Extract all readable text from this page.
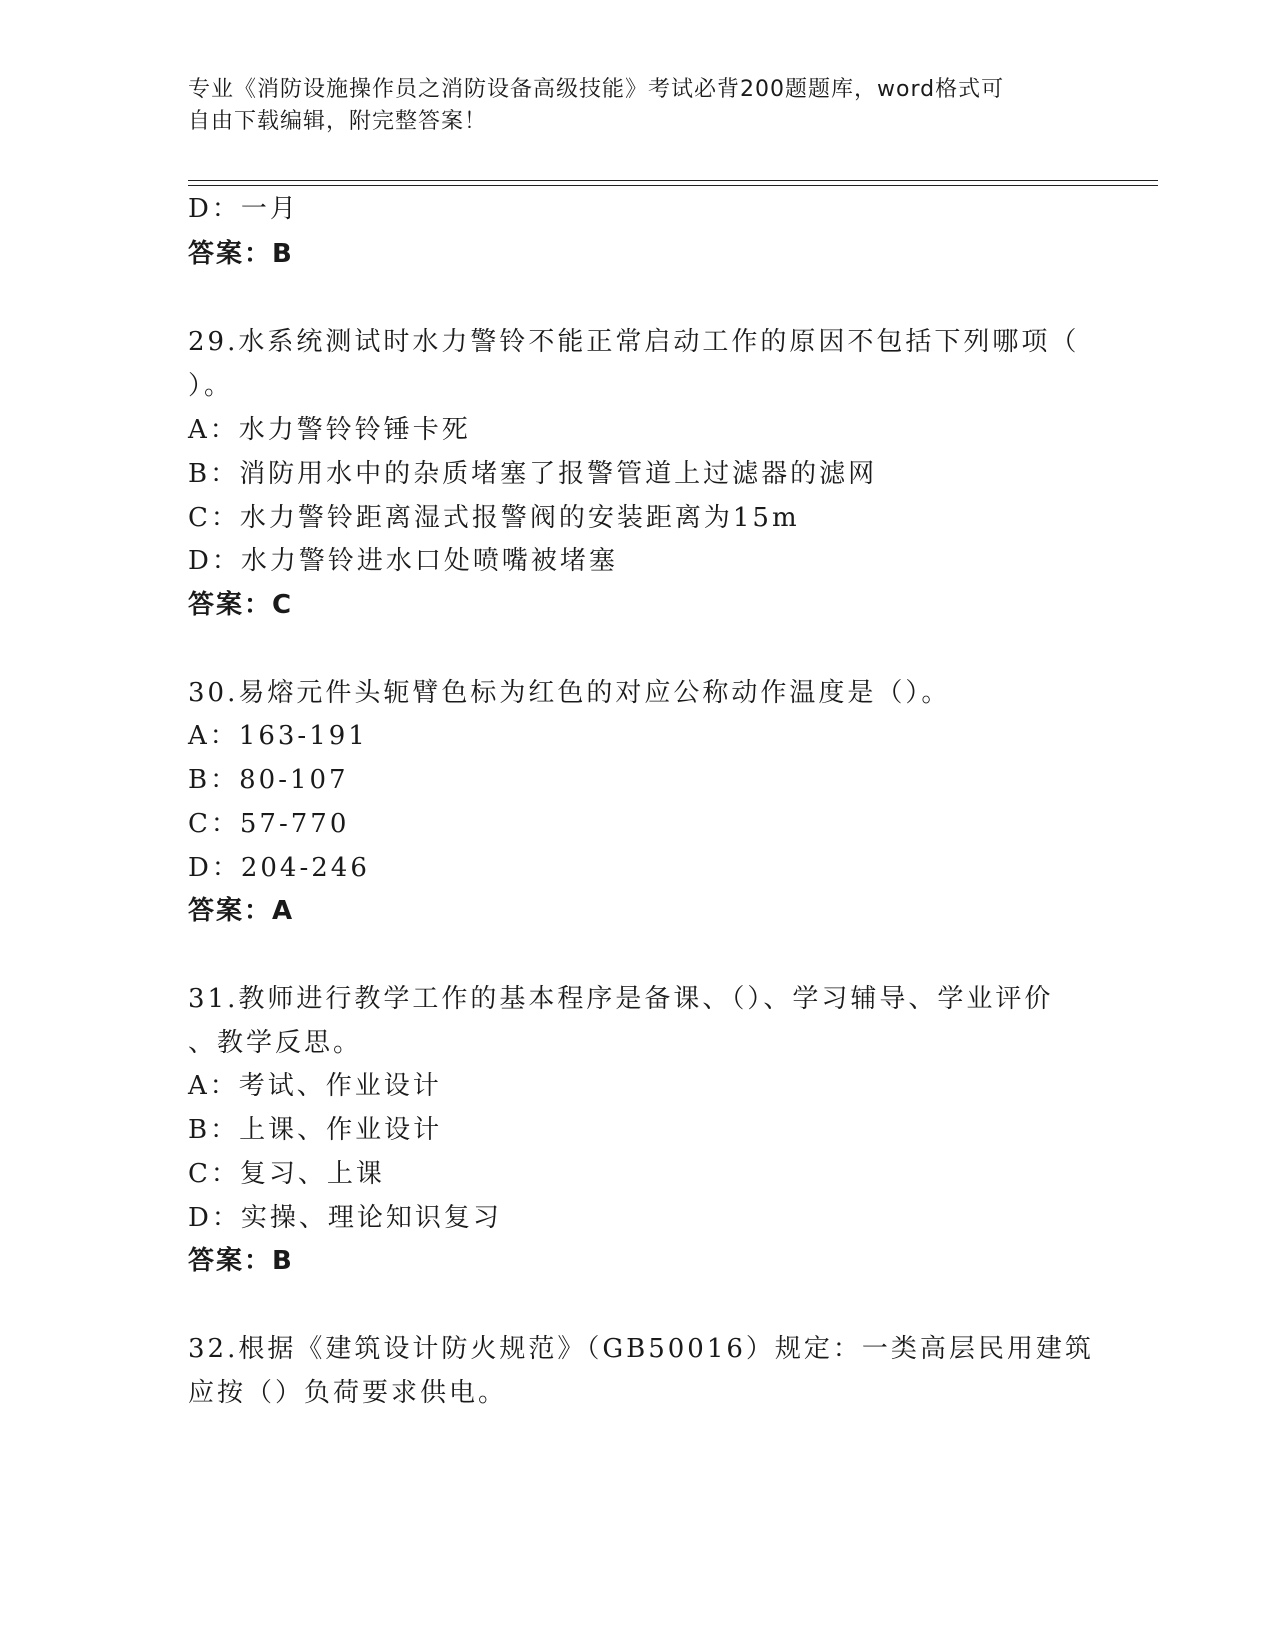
专业《消防设施操作员之消防设备高级技能》考试必背200题题库，word格式可
自由下载编辑，附完整答案！
D：一月
答案：B
29.水系统测试时水力警铃不能正常启动工作的原因不包括下列哪项（
）。
A：水力警铃铃锤卡死
B：消防用水中的杂质堵塞了报警管道上过滤器的滤网
C：水力警铃距离湿式报警阀的安装距离为15m
D：水力警铃进水口处喷嘴被堵塞
答案：C
30.易熔元件头轭臂色标为红色的对应公称动作温度是（）。
A：163-191
B：80-107
C：57-770
D：204-246
答案：A
31.教师进行教学工作的基本程序是备课、（）、学习辅导、学业评价
、教学反思。
A：考试、作业设计
B：上课、作业设计
C：复习、上课
D：实操、理论知识复习
答案：B
32.根据《建筑设计防火规范》（GB50016）规定：一类高层民用建筑
应按（）负荷要求供电。
